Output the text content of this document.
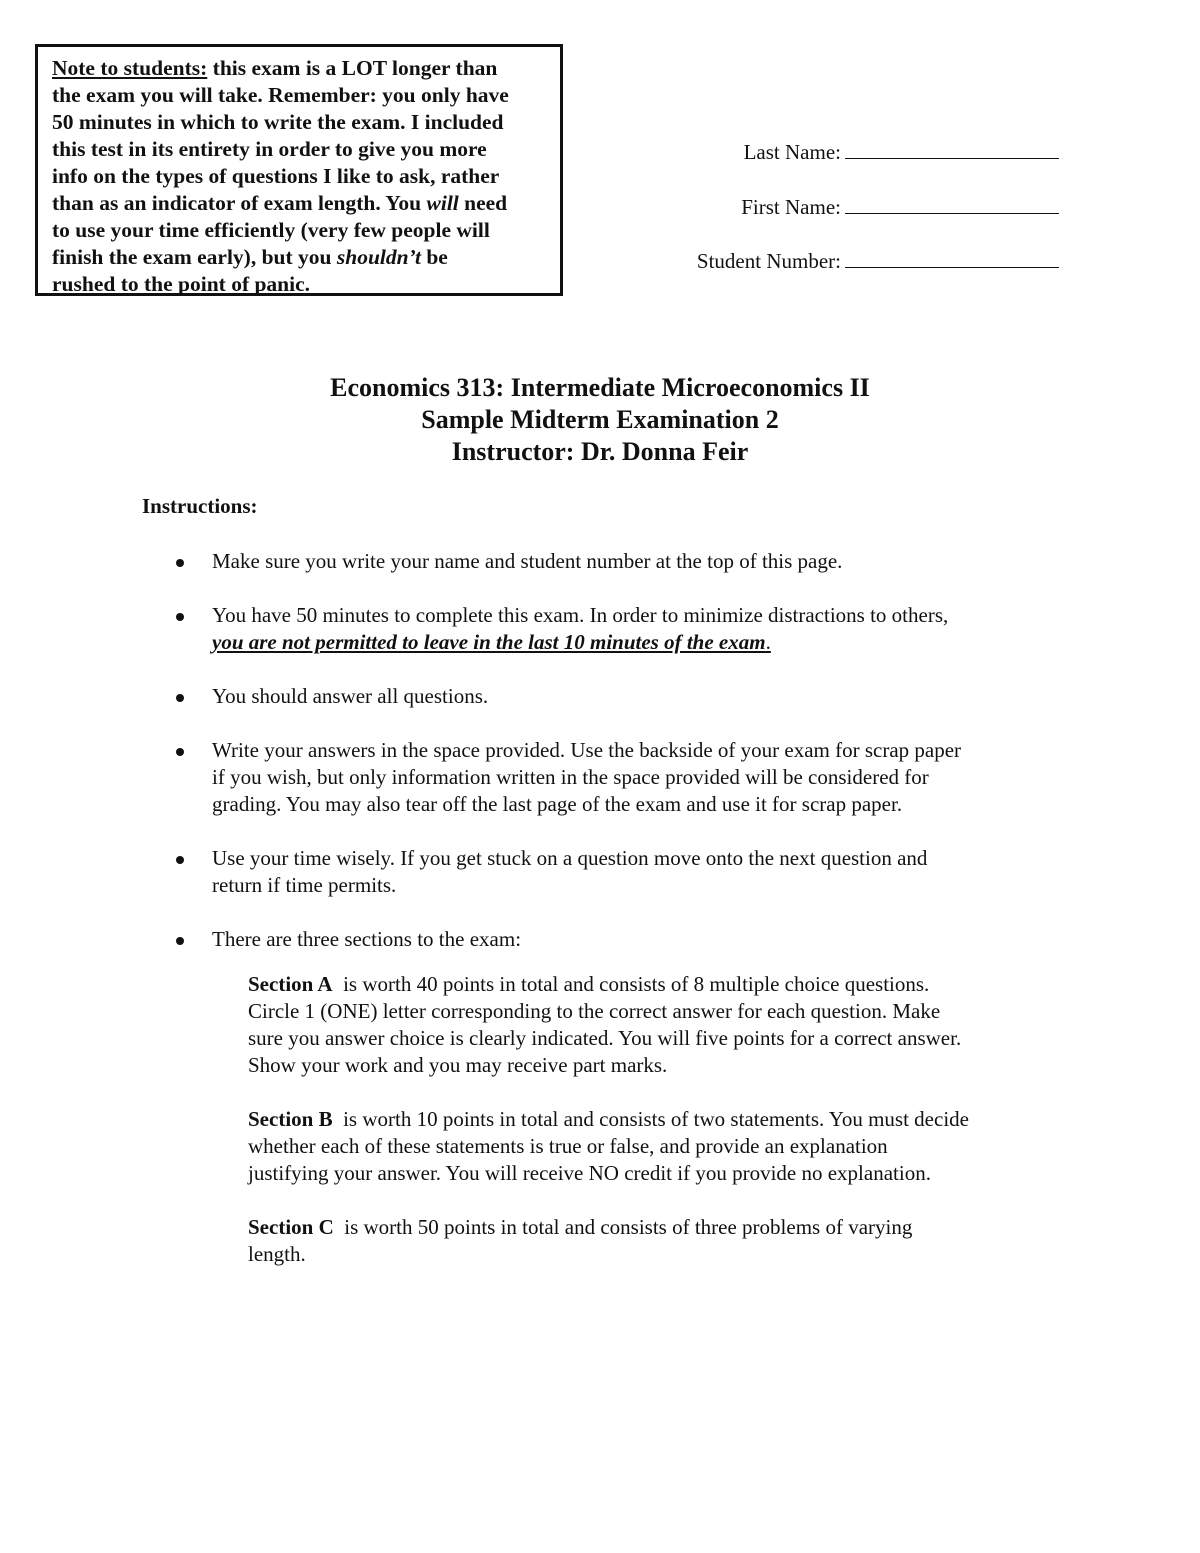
Note to students: this exam is a LOT longer than
the exam you will take. Remember: you only have
50 minutes in which to write the exam. I included
this test in its entirety in order to give you more
info on the types of questions I like to ask, rather
than as an indicator of exam length. You will need
to use your time efficiently (very few people will
finish the exam early), but you shouldn’t be
rushed to the point of panic.
Last Name:
First Name:
Student Number:
Economics 313: Intermediate Microeconomics II
Sample Midterm Examination 2
Instructor: Dr. Donna Feir
Instructions:
Make sure you write your name and student number at the top of this page.
You have 50 minutes to complete this exam. In order to minimize distractions to others,
you are not permitted to leave in the last 10 minutes of the exam.
You should answer all questions.
Write your answers in the space provided. Use the backside of your exam for scrap paper
if you wish, but only information written in the space provided will be considered for
grading. You may also tear off the last page of the exam and use it for scrap paper.
Use your time wisely. If you get stuck on a question move onto the next question and
return if time permits.
There are three sections to the exam:
Section A  is worth 40 points in total and consists of 8 multiple choice questions.
Circle 1 (ONE) letter corresponding to the correct answer for each question. Make
sure you answer choice is clearly indicated. You will five points for a correct answer.
Show your work and you may receive part marks.
Section B  is worth 10 points in total and consists of two statements. You must decide
whether each of these statements is true or false, and provide an explanation
justifying your answer. You will receive NO credit if you provide no explanation.
Section C  is worth 50 points in total and consists of three problems of varying
length.
